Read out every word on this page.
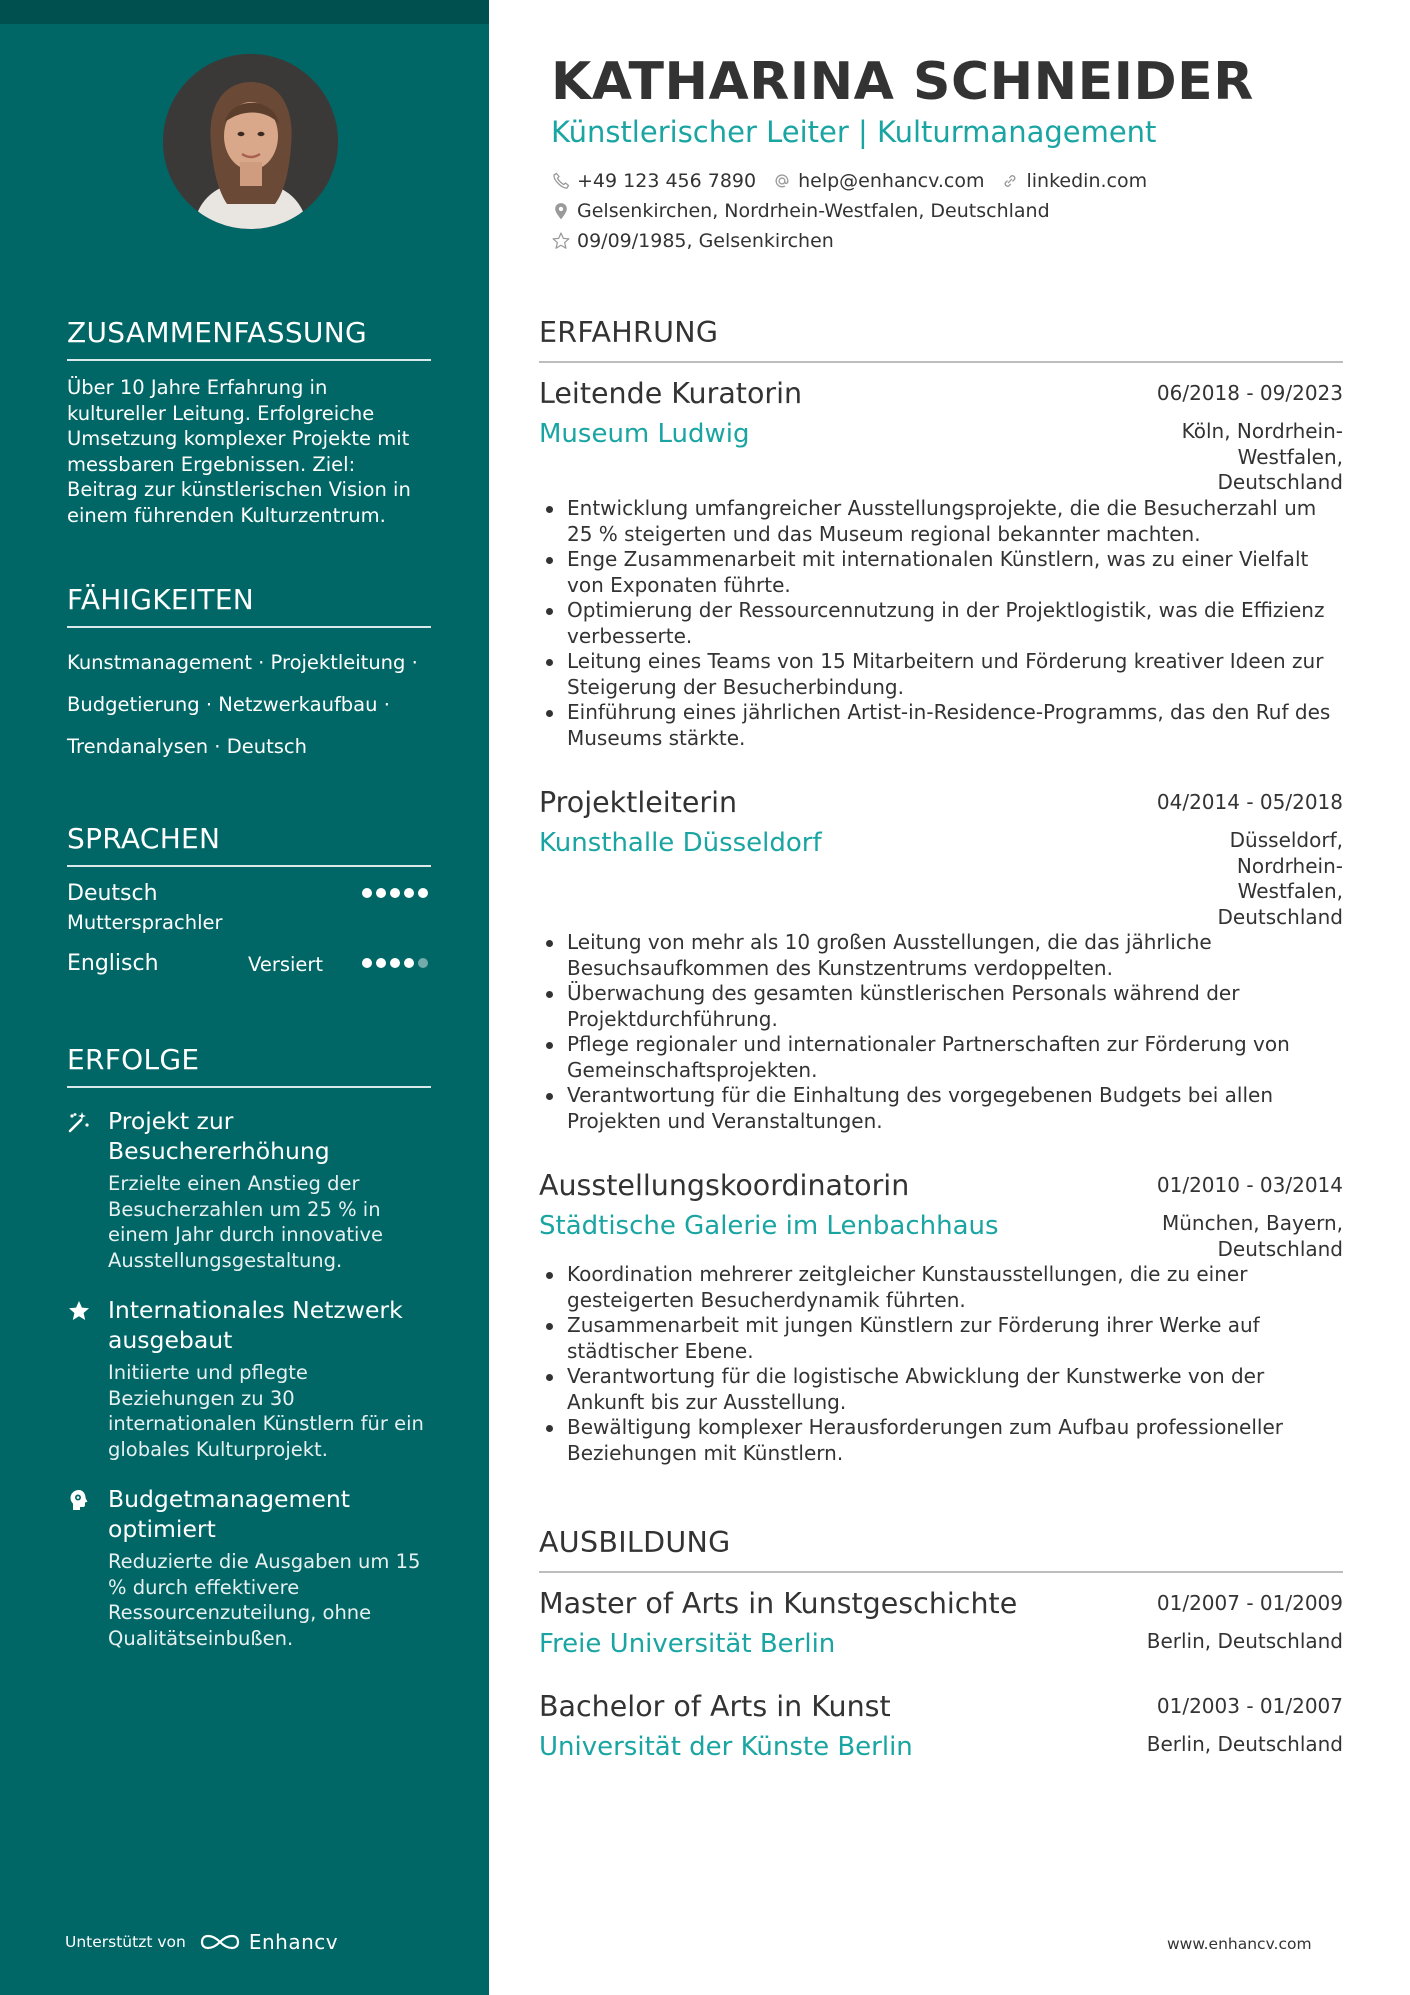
ZUSAMMENFASSUNG
Über 10 Jahre Erfahrung in kultureller Leitung. Erfolgreiche Umsetzung komplexer Projekte mit messbaren Ergebnissen. Ziel: Beitrag zur künstlerischen Vision in einem führenden Kulturzentrum.
FÄHIGKEITEN
Kunstmanagement · Projektleitung ·
Budgetierung · Netzwerkaufbau ·
Trendanalysen · Deutsch
SPRACHEN
Deutsch
Muttersprachler
Englisch	Versiert
ERFOLGE
Projekt zur Besuchererhöhung
Erzielte einen Anstieg der Besucherzahlen um 25 % in einem Jahr durch innovative Ausstellungsgestaltung.
Internationales Netzwerk ausgebaut
Initiierte und pflegte Beziehungen zu 30 internationalen Künstlern für ein globales Kulturprojekt.
Budgetmanagement optimiert
Reduzierte die Ausgaben um 15 % durch effektivere Ressourcenzuteilung, ohne Qualitätseinbußen.
Unterstützt von	Enhancv
KATHARINA SCHNEIDER
Künstlerischer Leiter | Kulturmanagement
+49 123 456 7890 help@enhancv.com linkedin.com
Gelsenkirchen, Nordrhein-Westfalen, Deutschland
09/09/1985, Gelsenkirchen
ERFAHRUNG
Leitende Kuratorin	06/2018 - 09/2023
Museum Ludwig	Köln, Nordrhein-
Westfalen,
Deutschland
Entwicklung umfangreicher Ausstellungsprojekte, die die Besucherzahl um 25 % steigerten und das Museum regional bekannter machten.
Enge Zusammenarbeit mit internationalen Künstlern, was zu einer Vielfalt von Exponaten führte.
Optimierung der Ressourcennutzung in der Projektlogistik, was die Effizienz verbesserte.
Leitung eines Teams von 15 Mitarbeitern und Förderung kreativer Ideen zur Steigerung der Besucherbindung.
Einführung eines jährlichen Artist-in-Residence-Programms, das den Ruf des Museums stärkte.
Projektleiterin	04/2014 - 05/2018
Kunsthalle Düsseldorf	Düsseldorf,
Nordrhein-
Westfalen,
Deutschland
Leitung von mehr als 10 großen Ausstellungen, die das jährliche Besuchsaufkommen des Kunstzentrums verdoppelten.
Überwachung des gesamten künstlerischen Personals während der Projektdurchführung.
Pflege regionaler und internationaler Partnerschaften zur Förderung von Gemeinschaftsprojekten.
Verantwortung für die Einhaltung des vorgegebenen Budgets bei allen Projekten und Veranstaltungen.
Ausstellungskoordinatorin	01/2010 - 03/2014
Städtische Galerie im Lenbachhaus	München, Bayern,
Deutschland
Koordination mehrerer zeitgleicher Kunstausstellungen, die zu einer gesteigerten Besucherdynamik führten.
Zusammenarbeit mit jungen Künstlern zur Förderung ihrer Werke auf städtischer Ebene.
Verantwortung für die logistische Abwicklung der Kunstwerke von der Ankunft bis zur Ausstellung.
Bewältigung komplexer Herausforderungen zum Aufbau professioneller Beziehungen mit Künstlern.
AUSBILDUNG
Master of Arts in Kunstgeschichte	01/2007 - 01/2009
Freie Universität Berlin	Berlin, Deutschland
Bachelor of Arts in Kunst	01/2003 - 01/2007
Universität der Künste Berlin	Berlin, Deutschland
www.enhancv.com
